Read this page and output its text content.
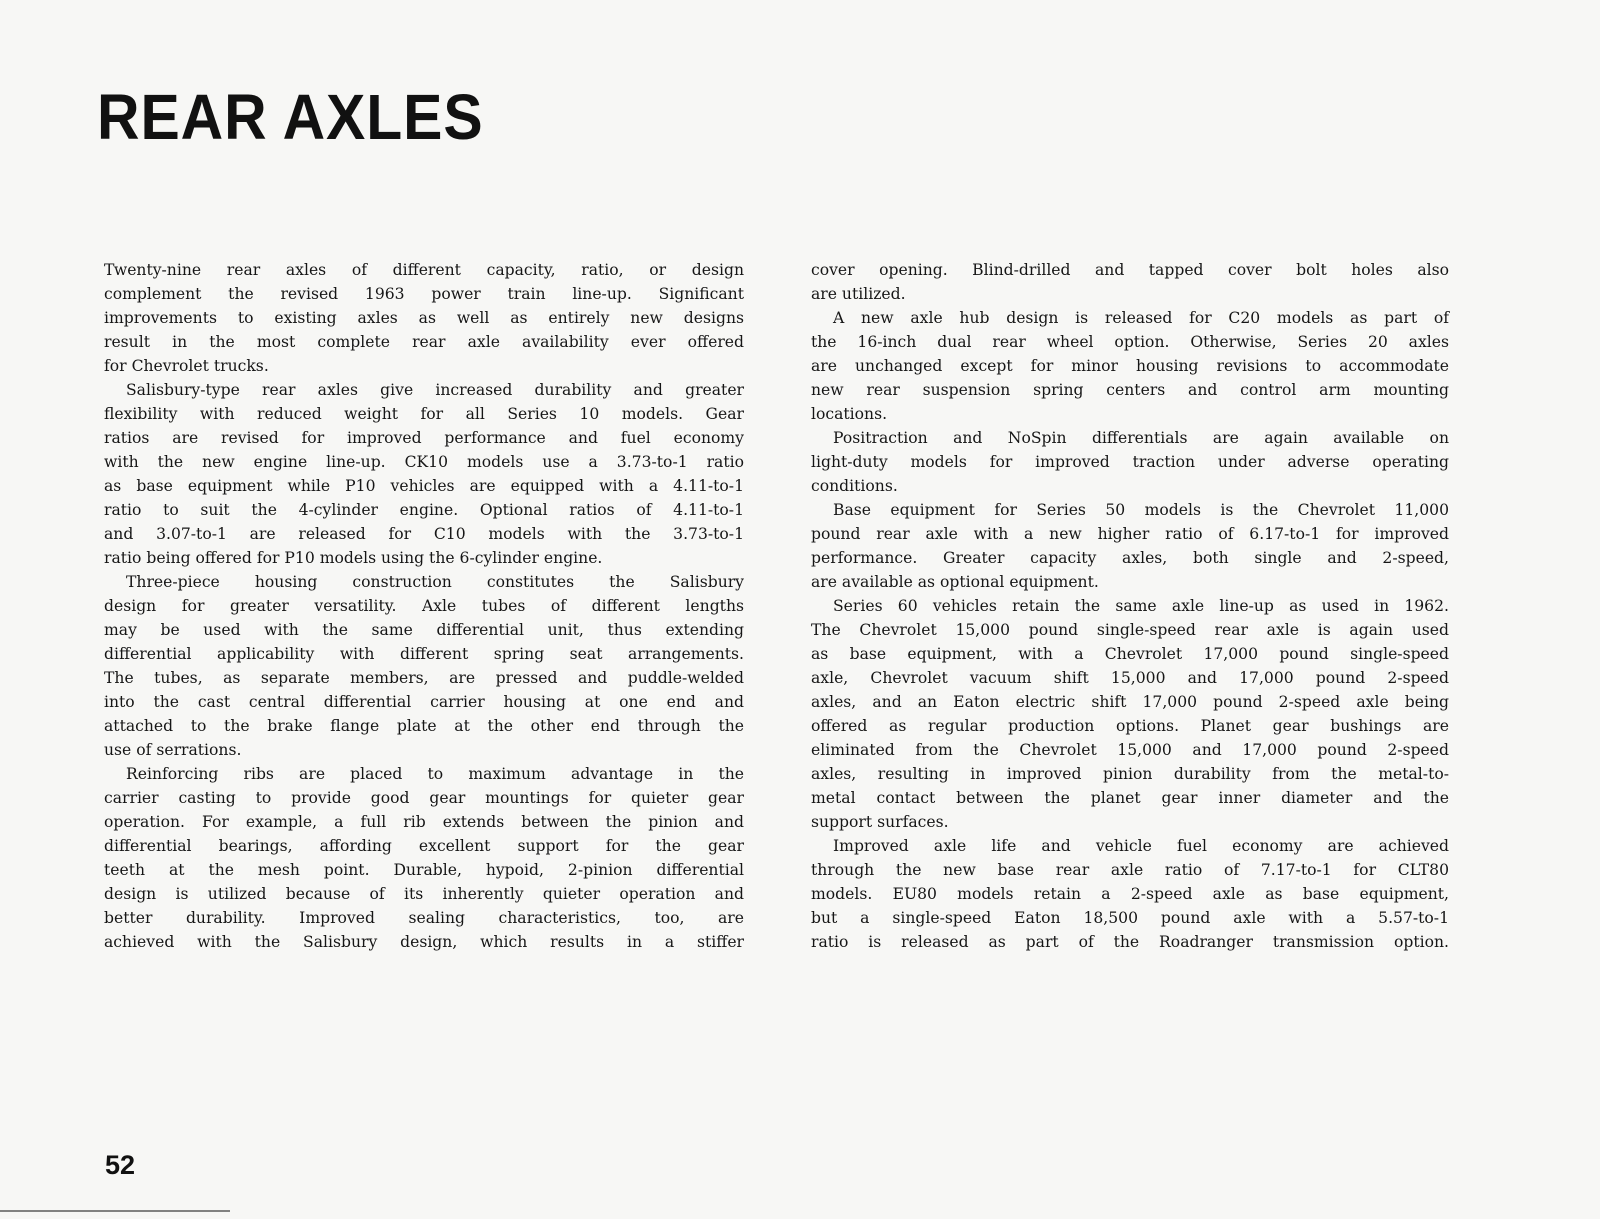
REAR AXLES
Twenty-nine rear axles of different capacity, ratio, or design
complement the revised 1963 power train line-up. Significant
improvements to existing axles as well as entirely new designs
result in the most complete rear axle availability ever offered
for Chevrolet trucks.
Salisbury-type rear axles give increased durability and greater
flexibility with reduced weight for all Series 10 models. Gear
ratios are revised for improved performance and fuel economy
with the new engine line-up. CK10 models use a 3.73-to-1 ratio
as base equipment while P10 vehicles are equipped with a 4.11-to-1
ratio to suit the 4-cylinder engine. Optional ratios of 4.11-to-1
and 3.07-to-1 are released for C10 models with the 3.73-to-1
ratio being offered for P10 models using the 6-cylinder engine.
Three-piece housing construction constitutes the Salisbury
design for greater versatility. Axle tubes of different lengths
may be used with the same differential unit, thus extending
differential applicability with different spring seat arrangements.
The tubes, as separate members, are pressed and puddle-welded
into the cast central differential carrier housing at one end and
attached to the brake flange plate at the other end through the
use of serrations.
Reinforcing ribs are placed to maximum advantage in the
carrier casting to provide good gear mountings for quieter gear
operation. For example, a full rib extends between the pinion and
differential bearings, affording excellent support for the gear
teeth at the mesh point. Durable, hypoid, 2-pinion differential
design is utilized because of its inherently quieter operation and
better durability. Improved sealing characteristics, too, are
achieved with the Salisbury design, which results in a stiffer
cover opening. Blind-drilled and tapped cover bolt holes also
are utilized.
A new axle hub design is released for C20 models as part of
the 16-inch dual rear wheel option. Otherwise, Series 20 axles
are unchanged except for minor housing revisions to accommodate
new rear suspension spring centers and control arm mounting
locations.
Positraction and NoSpin differentials are again available on
light-duty models for improved traction under adverse operating
conditions.
Base equipment for Series 50 models is the Chevrolet 11,000
pound rear axle with a new higher ratio of 6.17-to-1 for improved
performance. Greater capacity axles, both single and 2-speed,
are available as optional equipment.
Series 60 vehicles retain the same axle line-up as used in 1962.
The Chevrolet 15,000 pound single-speed rear axle is again used
as base equipment, with a Chevrolet 17,000 pound single-speed
axle, Chevrolet vacuum shift 15,000 and 17,000 pound 2-speed
axles, and an Eaton electric shift 17,000 pound 2-speed axle being
offered as regular production options. Planet gear bushings are
eliminated from the Chevrolet 15,000 and 17,000 pound 2-speed
axles, resulting in improved pinion durability from the metal-to-
metal contact between the planet gear inner diameter and the
support surfaces.
Improved axle life and vehicle fuel economy are achieved
through the new base rear axle ratio of 7.17-to-1 for CLT80
models. EU80 models retain a 2-speed axle as base equipment,
but a single-speed Eaton 18,500 pound axle with a 5.57-to-1
ratio is released as part of the Roadranger transmission option.
52
